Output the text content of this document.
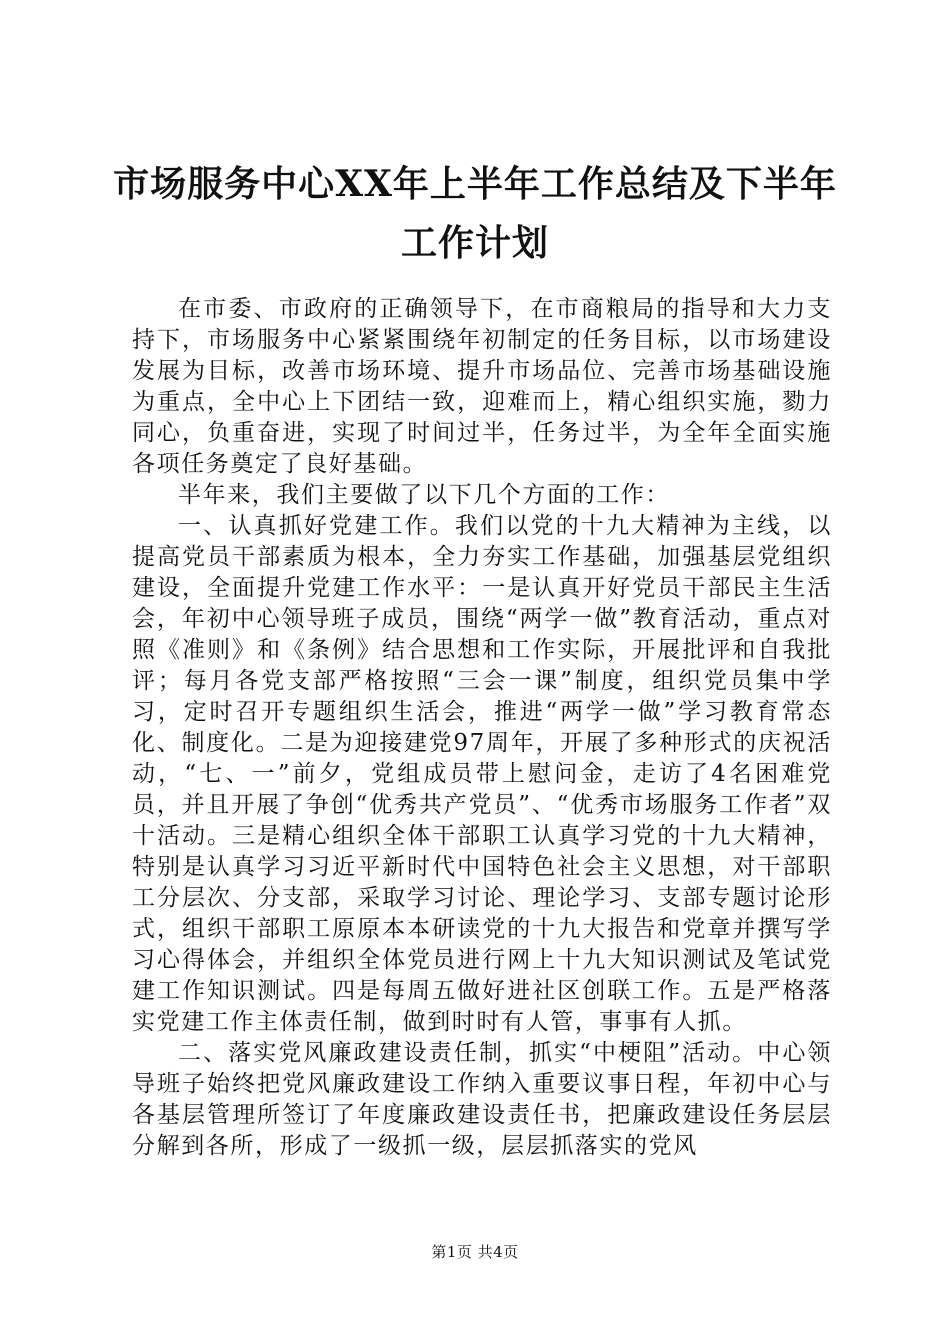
市场服务中心XX年上半年工作总结及下半年
工作计划

在市委、市政府的正确领导下，在市商粮局的指导和大力支持下，市场服务中心紧紧围绕年初制定的任务目标，以市场建设发展为目标，改善市场环境、提升市场品位、完善市场基础设施为重点，全中心上下团结一致，迎难而上，精心组织实施，勠力同心，负重奋进，实现了时间过半，任务过半，为全年全面实施各项任务奠定了良好基础。

半年来，我们主要做了以下几个方面的工作：

一、认真抓好党建工作。我们以党的十九大精神为主线，以提高党员干部素质为根本，全力夯实工作基础，加强基层党组织建设，全面提升党建工作水平：一是认真开好党员干部民主生活会，年初中心领导班子成员，围绕“两学一做”教育活动，重点对照《准则》和《条例》结合思想和工作实际，开展批评和自我批评；每月各党支部严格按照“三会一课”制度，组织党员集中学习，定时召开专题组织生活会，推进“两学一做”学习教育常态化、制度化。二是为迎接建党97周年，开展了多种形式的庆祝活动，“七、一”前夕，党组成员带上慰问金，走访了4名困难党员，并且开展了争创“优秀共产党员”、“优秀市场服务工作者”双十活动。三是精心组织全体干部职工认真学习党的十九大精神，特别是认真学习习近平新时代中国特色社会主义思想，对干部职工分层次、分支部，采取学习讨论、理论学习、支部专题讨论形式，组织干部职工原原本本研读党的十九大报告和党章并撰写学习心得体会，并组织全体党员进行网上十九大知识测试及笔试党建工作知识测试。四是每周五做好进社区创联工作。五是严格落实党建工作主体责任制，做到时时有人管，事事有人抓。

二、落实党风廉政建设责任制，抓实“中梗阻”活动。中心领导班子始终把党风廉政建设工作纳入重要议事日程，年初中心与各基层管理所签订了年度廉政建设责任书，把廉政建设任务层层分解到各所，形成了一级抓一级，层层抓落实的党风

第1页 共4页
